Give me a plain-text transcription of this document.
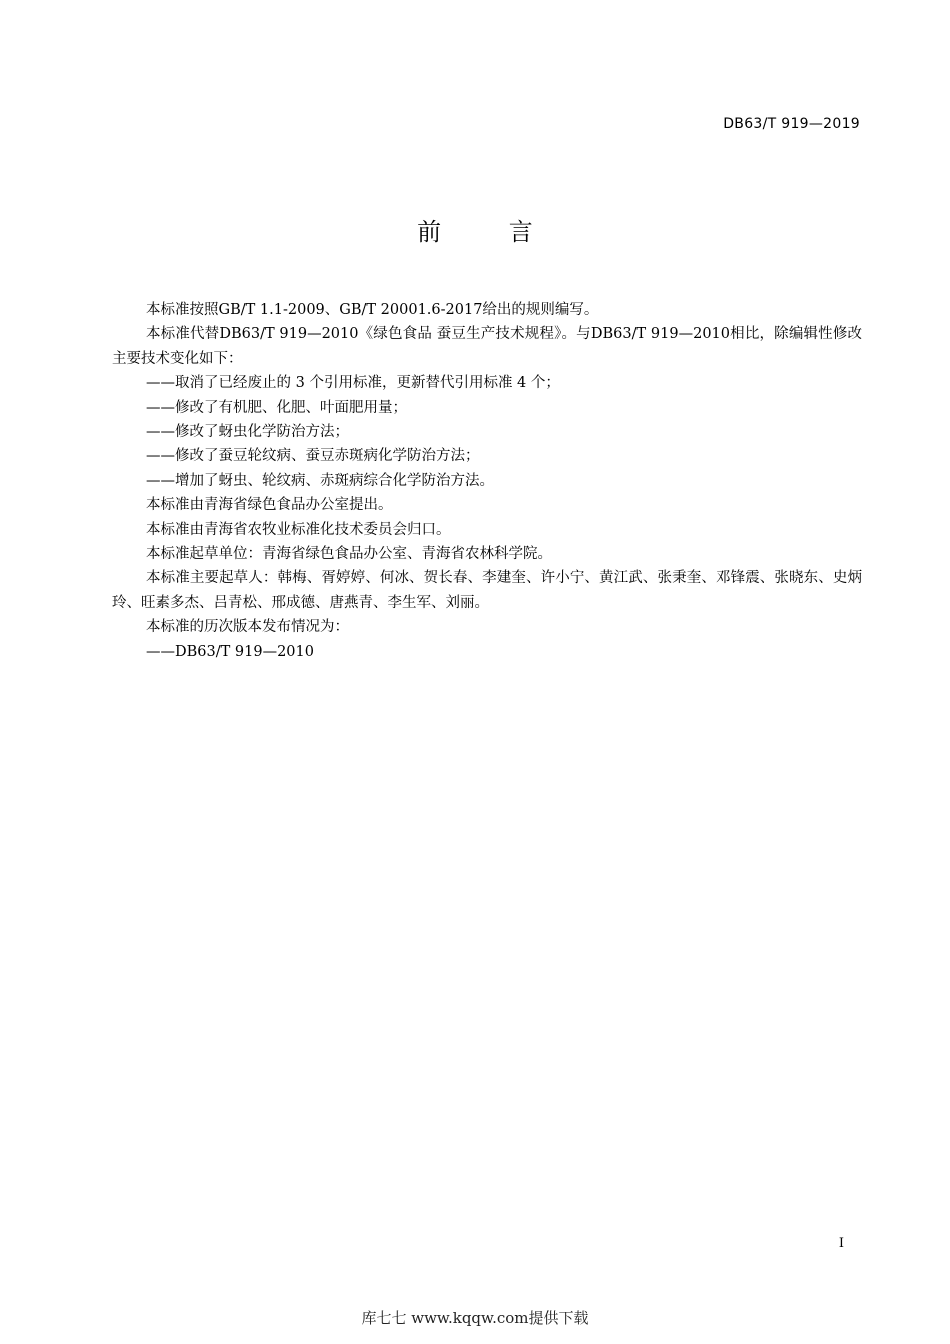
DB63/T 919—2019
前 言

本标准按照GB/T 1.1-2009、GB/T 20001.6-2017给出的规则编写。

本标准代替DB63/T 919—2010《绿色食品 蚕豆生产技术规程》。与DB63/T 919—2010相比，除编辑性修改主要技术变化如下：

——取消了已经废止的 3 个引用标准，更新替代引用标准 4 个；

——修改了有机肥、化肥、叶面肥用量；

——修改了蚜虫化学防治方法；

——修改了蚕豆轮纹病、蚕豆赤斑病化学防治方法；

——增加了蚜虫、轮纹病、赤斑病综合化学防治方法。

本标准由青海省绿色食品办公室提出。

本标准由青海省农牧业标准化技术委员会归口。

本标准起草单位：青海省绿色食品办公室、青海省农林科学院。

本标准主要起草人：韩梅、胥婷婷、何冰、贺长春、李建奎、许小宁、黄江武、张秉奎、邓锋震、张晓东、史炳玲、旺素多杰、吕青松、邢成德、唐燕青、李生军、刘丽。

本标准的历次版本发布情况为：

——DB63/T 919—2010

I
库七七 www.kqqw.com提供下载
